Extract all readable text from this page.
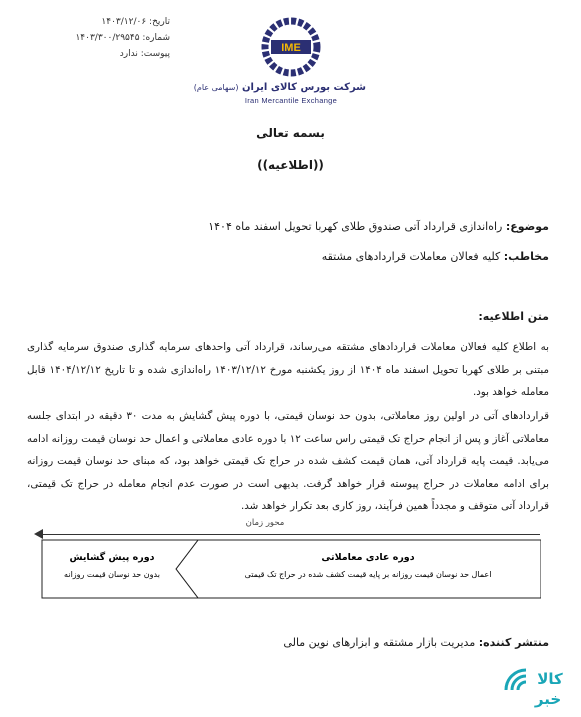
تاریخ: ۱۴۰۳/۱۲/۰۶
شماره: ۱۴۰۳/۳۰۰/۲۹۵۴۵
پیوست: ندارد	IME
شرکت بورس کالای ایران (سهامی عام)
Iran Mercantile Exchange
بسمه تعالی
((اطلاعیه))
موضوع: راه‌اندازی قرارداد آتی صندوق طلای کهربا تحویل اسفند ماه ۱۴۰۴
مخاطب: کلیه فعالان معاملات قراردادهای مشتقه
متن اطلاعیه:
به اطلاع کلیه فعالان معاملات قراردادهای مشتقه می‌رساند، قرارداد آتی واحدهای سرمایه گذاری صندوق سرمایه گذاری مبتنی بر طلای کهربا تحویل اسفند ماه ۱۴۰۴ از روز یکشنبه مورخ ۱۴۰۳/۱۲/۱۲ راه‌اندازی شده و تا تاریخ ۱۴۰۴/۱۲/۱۲ قابل معامله خواهد بود.
قراردادهای آتی در اولین روز معاملاتی، بدون حد نوسان قیمتی، با دوره پیش گشایش به مدت ۳۰ دقیقه در ابتدای جلسه معاملاتی آغاز و پس از انجام حراج تک قیمتی راس ساعت ۱۲ با دوره عادی معاملاتی و اعمال حد نوسان قیمت روزانه ادامه می‌یابد. قیمت پایه قرارداد آتی، همان قیمت کشف شده در حراج تک قیمتی خواهد بود، که مبنای حد نوسان قیمت روزانه برای ادامه معاملات در حراج پیوسته قرار خواهد گرفت. بدیهی است در صورت عدم انجام معامله در حراج تک قیمتی، قرارداد آتی متوقف و مجدداً همین فرآیند، روز کاری بعد تکرار خواهد شد.
محور زمان
دوره پیش گشایش
بدون حد نوسان قیمت روزانه
دوره عادی معاملاتی
اعمال حد نوسان قیمت روزانه بر پایه قیمت کشف شده در حراج تک قیمتی
منتشر کننده: مدیریت بازار مشتقه و ابزارهای نوین مالی
کالا
خبر
